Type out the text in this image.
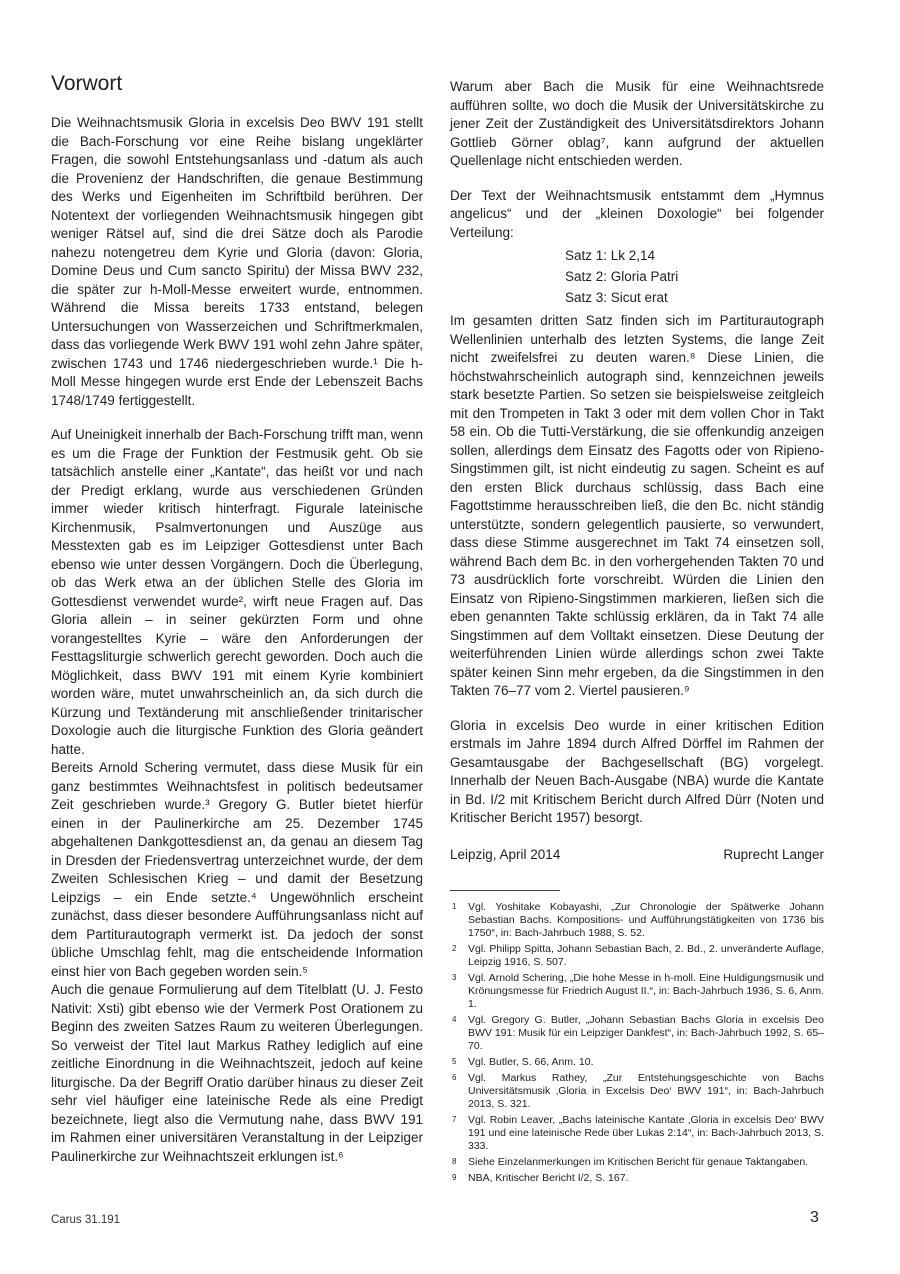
Vorwort

Die Weihnachtsmusik Gloria in excelsis Deo BWV 191 stellt die Bach-Forschung vor eine Reihe bislang ungeklärter Fragen, die sowohl Entstehungsanlass und -datum als auch die Provenienz der Handschriften, die genaue Bestimmung des Werks und Eigenheiten im Schriftbild berühren. Der Notentext der vorliegenden Weihnachtsmusik hingegen gibt weniger Rätsel auf, sind die drei Sätze doch als Parodie nahezu notengetreu dem Kyrie und Gloria (davon: Gloria, Domine Deus und Cum sancto Spiritu) der Missa BWV 232, die später zur h-Moll-Messe erweitert wurde, entnommen. Während die Missa bereits 1733 entstand, belegen Untersuchungen von Wasserzeichen und Schriftmerkmalen, dass das vorliegende Werk BWV 191 wohl zehn Jahre später, zwischen 1743 und 1746 niedergeschrieben wurde.¹ Die h-Moll Messe hingegen wurde erst Ende der Lebenszeit Bachs 1748/1749 fertiggestellt.

Auf Uneinigkeit innerhalb der Bach-Forschung trifft man, wenn es um die Frage der Funktion der Festmusik geht. Ob sie tatsächlich anstelle einer „Kantate“, das heißt vor und nach der Predigt erklang, wurde aus verschiedenen Gründen immer wieder kritisch hinterfragt. Figurale lateinische Kirchenmusik, Psalmvertonungen und Auszüge aus Messtexten gab es im Leipziger Gottesdienst unter Bach ebenso wie unter dessen Vorgängern. Doch die Überlegung, ob das Werk etwa an der üblichen Stelle des Gloria im Gottesdienst verwendet wurde², wirft neue Fragen auf. Das Gloria allein – in seiner gekürzten Form und ohne vorangestelltes Kyrie – wäre den Anforderungen der Festtagsliturgie schwerlich gerecht geworden. Doch auch die Möglichkeit, dass BWV 191 mit einem Kyrie kombiniert worden wäre, mutet unwahrscheinlich an, da sich durch die Kürzung und Textänderung mit anschließender trinitarischer Doxologie auch die liturgische Funktion des Gloria geändert hatte.

Bereits Arnold Schering vermutet, dass diese Musik für ein ganz bestimmtes Weihnachtsfest in politisch bedeutsamer Zeit geschrieben wurde.³ Gregory G. Butler bietet hierfür einen in der Paulinerkirche am 25. Dezember 1745 abgehaltenen Dankgottesdienst an, da genau an diesem Tag in Dresden der Friedensvertrag unterzeichnet wurde, der dem Zweiten Schlesischen Krieg – und damit der Besetzung Leipzigs – ein Ende setzte.⁴ Ungewöhnlich erscheint zunächst, dass dieser besondere Aufführungsanlass nicht auf dem Partiturautograph vermerkt ist. Da jedoch der sonst übliche Umschlag fehlt, mag die entscheidende Information einst hier von Bach gegeben worden sein.⁵

Auch die genaue Formulierung auf dem Titelblatt (U. J. Festo Nativit: Xsti) gibt ebenso wie der Vermerk Post Orationem zu Beginn des zweiten Satzes Raum zu weiteren Überlegungen. So verweist der Titel laut Markus Rathey lediglich auf eine zeitliche Einordnung in die Weihnachtszeit, jedoch auf keine liturgische. Da der Begriff Oratio darüber hinaus zu dieser Zeit sehr viel häufiger eine lateinische Rede als eine Predigt bezeichnete, liegt also die Vermutung nahe, dass BWV 191 im Rahmen einer universitären Veranstaltung in der Leipziger Paulinerkirche zur Weihnachtszeit erklungen ist.⁶

Warum aber Bach die Musik für eine Weihnachtsrede aufführen sollte, wo doch die Musik der Universitätskirche zu jener Zeit der Zuständigkeit des Universitätsdirektors Johann Gottlieb Görner oblag⁷, kann aufgrund der aktuellen Quellenlage nicht entschieden werden.

Der Text der Weihnachtsmusik entstammt dem „Hymnus angelicus“ und der „kleinen Doxologie“ bei folgender Verteilung:

Satz 1: Lk 2,14
Satz 2: Gloria Patri
Satz 3: Sicut erat

Im gesamten dritten Satz finden sich im Partiturautograph Wellenlinien unterhalb des letzten Systems, die lange Zeit nicht zweifelsfrei zu deuten waren.⁸ Diese Linien, die höchstwahrscheinlich autograph sind, kennzeichnen jeweils stark besetzte Partien. So setzen sie beispielsweise zeitgleich mit den Trompeten in Takt 3 oder mit dem vollen Chor in Takt 58 ein. Ob die Tutti-Verstärkung, die sie offenkundig anzeigen sollen, allerdings dem Einsatz des Fagotts oder von Ripieno-Singstimmen gilt, ist nicht eindeutig zu sagen. Scheint es auf den ersten Blick durchaus schlüssig, dass Bach eine Fagottstimme herausschreiben ließ, die den Bc. nicht ständig unterstützte, sondern gelegentlich pausierte, so verwundert, dass diese Stimme ausgerechnet im Takt 74 einsetzen soll, während Bach dem Bc. in den vorhergehenden Takten 70 und 73 ausdrücklich forte vorschreibt. Würden die Linien den Einsatz von Ripieno-Singstimmen markieren, ließen sich die eben genannten Takte schlüssig erklären, da in Takt 74 alle Singstimmen auf dem Volltakt einsetzen. Diese Deutung der weiterführenden Linien würde allerdings schon zwei Takte später keinen Sinn mehr ergeben, da die Singstimmen in den Takten 76–77 vom 2. Viertel pausieren.⁹

Gloria in excelsis Deo wurde in einer kritischen Edition erstmals im Jahre 1894 durch Alfred Dörffel im Rahmen der Gesamtausgabe der Bachgesellschaft (BG) vorgelegt. Innerhalb der Neuen Bach-Ausgabe (NBA) wurde die Kantate in Bd. I/2 mit Kritischem Bericht durch Alfred Dürr (Noten und Kritischer Bericht 1957) besorgt.

Leipzig, April 2014	Ruprecht Langer
1	Vgl. Yoshitake Kobayashi, „Zur Chronologie der Spätwerke Johann Sebastian Bachs. Kompositions- und Aufführungstätigkeiten von 1736 bis 1750“, in: Bach-Jahrbuch 1988, S. 52.
2	Vgl. Philipp Spitta, Johann Sebastian Bach, 2. Bd., 2. unveränderte Auflage, Leipzig 1916, S. 507.
3	Vgl. Arnold Schering, „Die hohe Messe in h-moll. Eine Huldigungsmusik und Krönungsmesse für Friedrich August II.“, in: Bach-Jahrbuch 1936, S. 6, Anm. 1.
4	Vgl. Gregory G. Butler, „Johann Sebastian Bachs Gloria in excelsis Deo BWV 191: Musik für ein Leipziger Dankfest“, in: Bach-Jahrbuch 1992, S. 65–70.
5	Vgl. Butler, S. 66, Anm. 10.
6	Vgl. Markus Rathey, „Zur Entstehungsgeschichte von Bachs Universitätsmusik ‚Gloria in Excelsis Deo‘ BWV 191“, in: Bach-Jahrbuch 2013, S. 321.
7	Vgl. Robin Leaver, „Bachs lateinische Kantate ‚Gloria in excelsis Deo‘ BWV 191 und eine lateinische Rede über Lukas 2:14“, in: Bach-Jahrbuch 2013, S. 333.
8	Siehe Einzelanmerkungen im Kritischen Bericht für genaue Taktangaben.
9	NBA, Kritischer Bericht I/2, S. 167.
Carus 31.191	3
